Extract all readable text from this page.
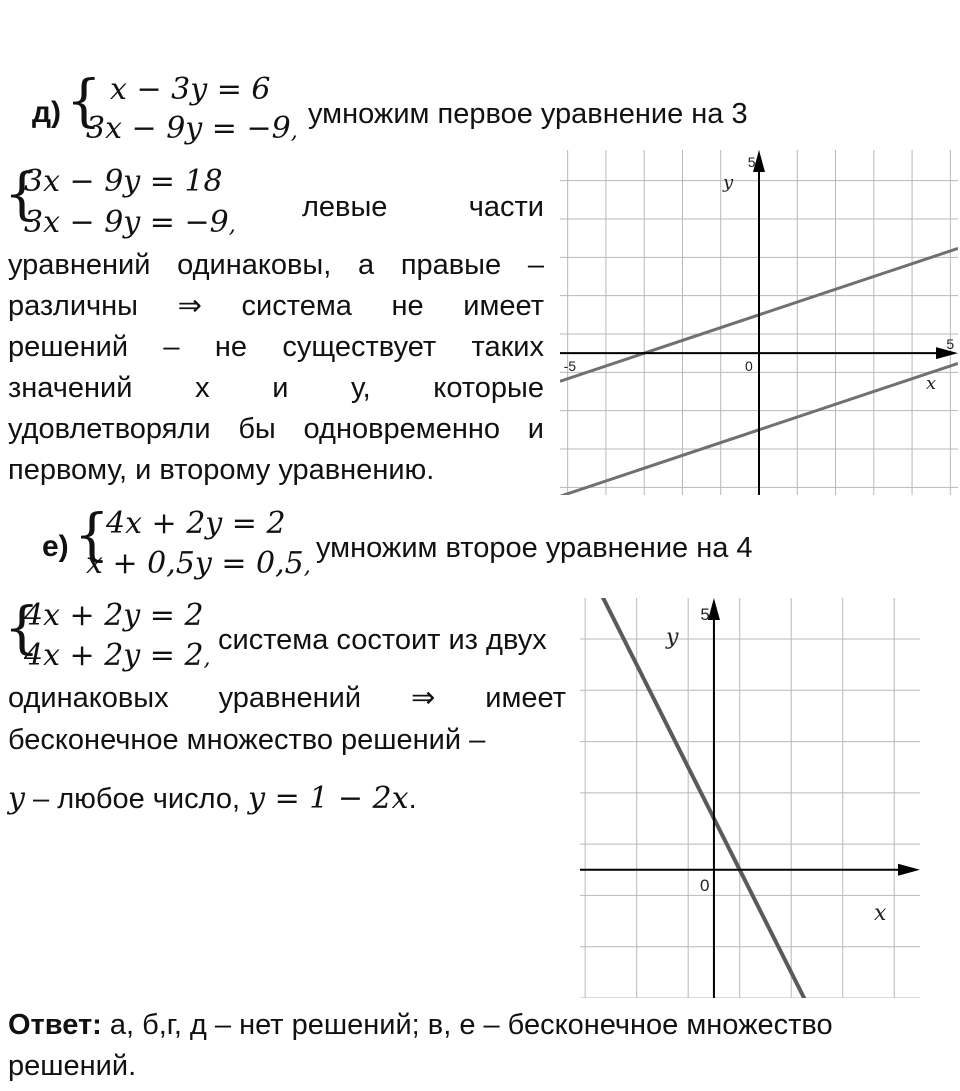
д) { x − 3y = 6
3x − 9y = −9,
умножим первое уравнение на 3
{
3x − 9y = 18
3x − 9y = −9,
левые части
уравнений одинаковы, а правые –
различны ⇒ система не имеет
решений – не существует таких
значений х и у, которые
удовлетворяли бы одновременно и
первому, и второму уравнению.
0
5
-5
5
x
y
е) {
4x + 2y = 2
x + 0,5y = 0,5,
умножим второе уравнение на 4
{
4x + 2y = 2
4x + 2y = 2,
система состоит из двух
одинаковых уравнений ⇒ имеет
бесконечное множество решений –
y – любое число, y = 1 − 2x.
0
5
x
y
Ответ: а, б,г, д – нет решений; в, е – бесконечное множество
решений.
